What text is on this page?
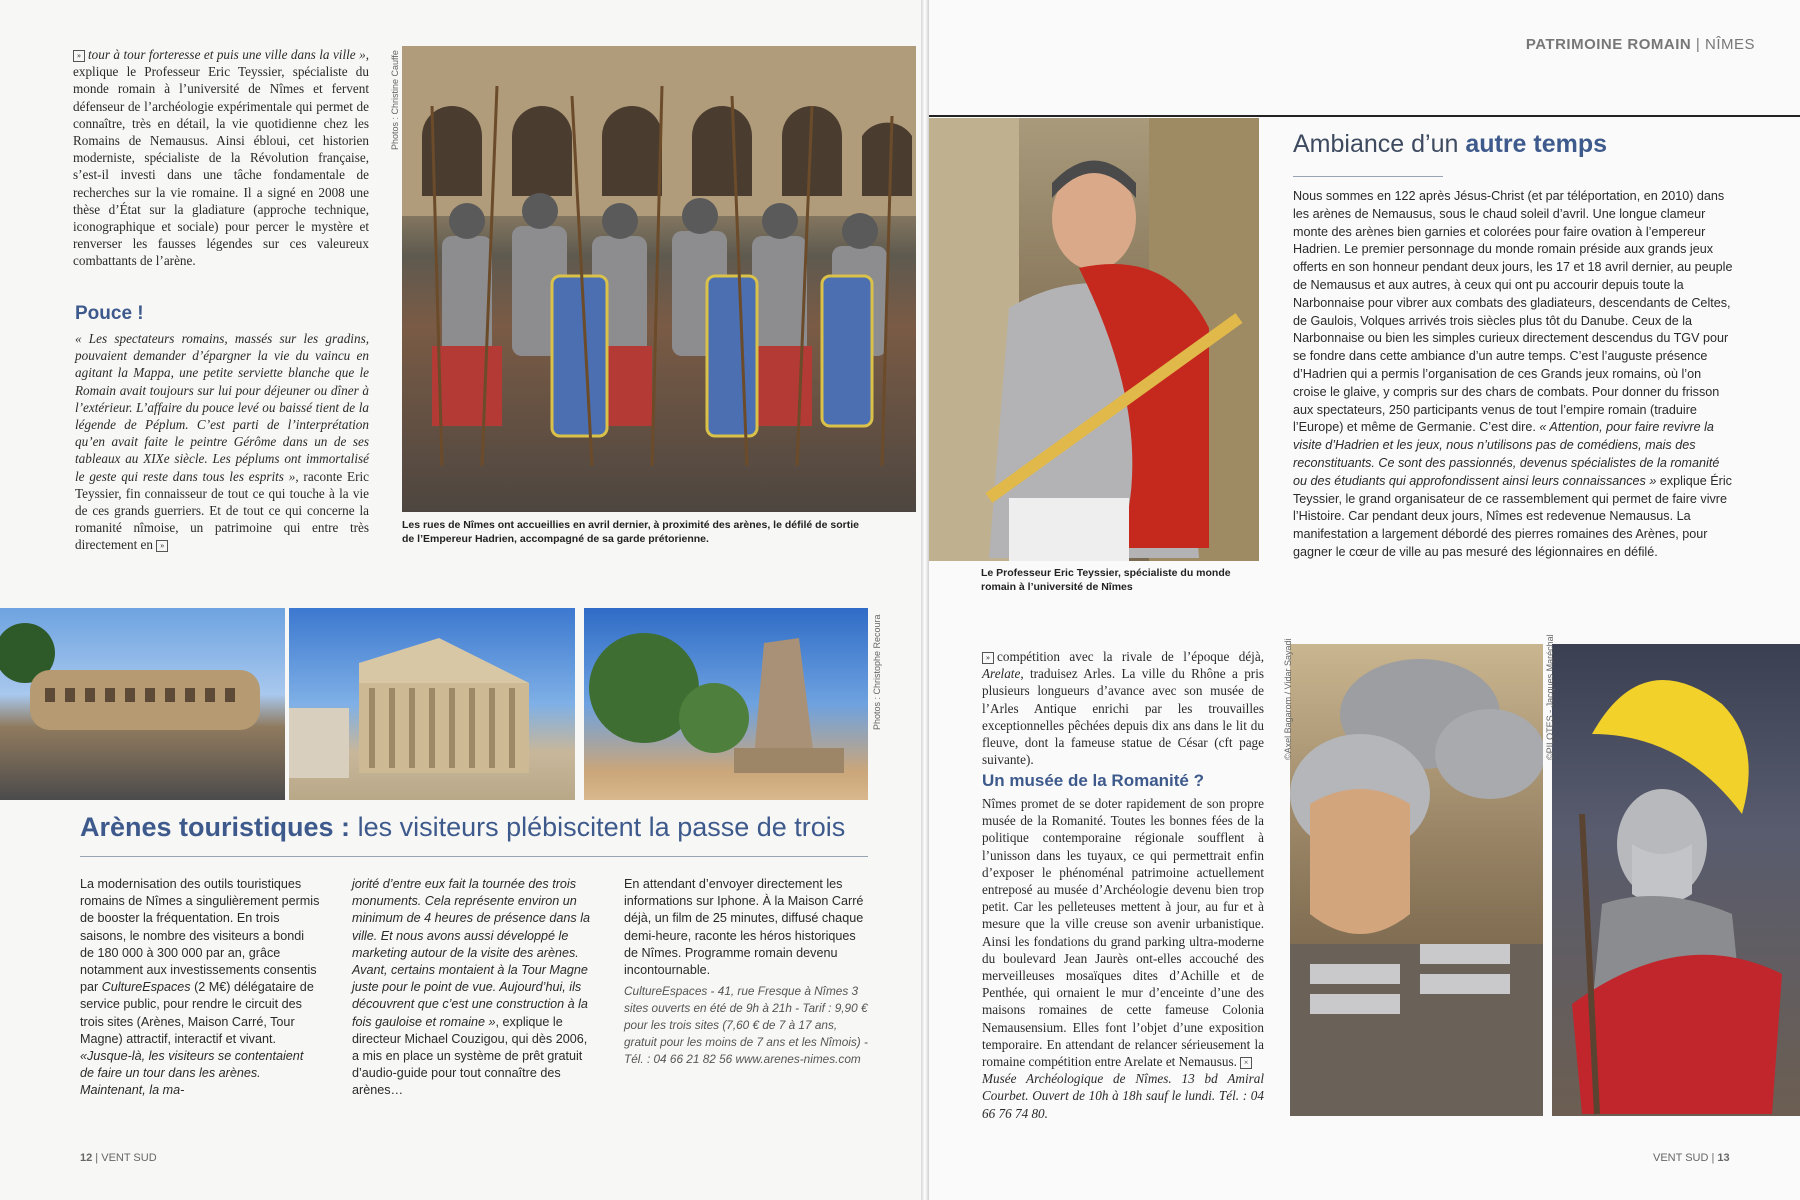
» tour à tour forteresse et puis une ville dans la ville », explique le Professeur Eric Teyssier, spécialiste du monde romain à l’université de Nîmes et fervent défenseur de l’archéologie expérimentale qui permet de connaître, très en détail, la vie quotidienne chez les Romains de Nemausus. Ainsi ébloui, cet historien moderniste, spécialiste de la Révolution française, s’est-il investi dans une tâche fondamentale de recherches sur la vie romaine. Il a signé en 2008 une thèse d’État sur la gladiature (approche technique, iconographique et sociale) pour percer le mystère et renverser les fausses légendes sur ces valeureux combattants de l’arène.
Pouce !
« Les spectateurs romains, massés sur les gradins, pouvaient demander d’épargner la vie du vaincu en agitant la Mappa, une petite serviette blanche que le Romain avait toujours sur lui pour déjeuner ou dîner à l’extérieur. L’affaire du pouce levé ou baissé tient de la légende de Péplum. C’est parti de l’interprétation qu’en avait faite le peintre Gérôme dans un de ses tableaux au XIXe siècle. Les péplums ont immortalisé le geste qui reste dans tous les esprits », raconte Eric Teyssier, fin connaisseur de tout ce qui touche à la vie de ces grands guerriers. Et de tout ce qui concerne la romanité nîmoise, un patrimoine qui entre très directement en »
Photos : Christine Cauffe

Les rues de Nîmes ont accueillies en avril dernier, à proximité des arènes, le défilé de sortie de l’Empereur Hadrien, accompagné de sa garde prétorienne.

Photos : Christophe Recoura
Arènes touristiques : les visiteurs plébiscitent la passe de trois
La modernisation des outils touristiques romains de Nîmes a singulièrement permis de booster la fréquentation. En trois saisons, le nombre des visiteurs a bondi de 180 000 à 300 000 par an, grâce notamment aux investissements consentis par CultureEspaces (2 M€) délégataire de service public, pour rendre le circuit des trois sites (Arènes, Maison Carré, Tour Magne) attractif, interactif et vivant. «Jusque-là, les visiteurs se contentaient de faire un tour dans les arènes. Maintenant, la ma-
jorité d’entre eux fait la tournée des trois monuments. Cela représente environ un minimum de 4 heures de présence dans la ville. Et nous avons aussi développé le marketing autour de la visite des arènes. Avant, certains montaient à la Tour Magne juste pour le point de vue. Aujourd’hui, ils découvrent que c’est une construction à la fois gauloise et romaine », explique le directeur Michael Couzigou, qui dès 2006, a mis en place un système de prêt gratuit d’audio-guide pour tout connaître des arènes…
En attendant d’envoyer directement les informations sur Iphone. À la Maison Carré déjà, un film de 25 minutes, diffusé chaque demi-heure, raconte les héros historiques de Nîmes. Programme romain devenu incontournable.
CultureEspaces - 41, rue Fresque à Nîmes 3 sites ouverts en été de 9h à 21h - Tarif : 9,90 € pour les trois sites (7,60 € de 7 à 17 ans, gratuit pour les moins de 7 ans et les Nîmois) - Tél. : 04 66 21 82 56 www.arenes-nimes.com
12 | VENT SUD
PATRIMOINE ROMAIN | NÎMES

Le Professeur Eric Teyssier, spécialiste du monde romain à l’université de Nîmes

Ambiance d’un autre temps
Nous sommes en 122 après Jésus-Christ (et par téléportation, en 2010) dans les arènes de Nemausus, sous le chaud soleil d’avril. Une longue clameur monte des arènes bien garnies et colorées pour faire ovation à l’empereur Hadrien. Le premier personnage du monde romain préside aux grands jeux offerts en son honneur pendant deux jours, les 17 et 18 avril dernier, au peuple de Nemausus et aux autres, à ceux qui ont pu accourir depuis toute la Narbonnaise pour vibrer aux combats des gladiateurs, descendants de Celtes, de Gaulois, Volques arrivés trois siècles plus tôt du Danube. Ceux de la Narbonnaise ou bien les simples curieux directement descendus du TGV pour se fondre dans cette ambiance d’un autre temps. C’est l’auguste présence d’Hadrien qui a permis l’organisation de ces Grands jeux romains, où l’on croise le glaive, y compris sur des chars de combats. Pour donner du frisson aux spectateurs, 250 participants venus de tout l’empire romain (traduire l’Europe) et même de Germanie. C’est dire. « Attention, pour faire revivre la visite d’Hadrien et les jeux, nous n’utilisons pas de comédiens, mais des reconstituants. Ce sont des passionnés, devenus spécialistes de la romanité ou des étudiants qui approfondissent ainsi leurs connaissances » explique Éric Teyssier, le grand organisateur de ce rassemblement qui permet de faire vivre l’Histoire. Car pendant deux jours, Nîmes est redevenue Nemausus. La manifestation a largement débordé des pierres romaines des Arènes, pour gagner le cœur de ville au pas mesuré des légionnaires en défilé.
» compétition avec la rivale de l’époque déjà, Arelate, traduisez Arles. La ville du Rhône a pris plusieurs longueurs d’avance avec son musée de l’Arles Antique enrichi par les trouvailles exceptionnelles pêchées depuis dix ans dans le lit du fleuve, dont la fameuse statue de César (cft page suivante).
Un musée de la Romanité ?
Nîmes promet de se doter rapidement de son propre musée de la Romanité. Toutes les bonnes fées de la politique contemporaine régionale soufflent à l’unisson dans les tuyaux, ce qui permettrait enfin d’exposer le phénoménal patrimoine actuellement entreposé au musée d’Archéologie devenu bien trop petit. Car les pelleteuses mettent à jour, au fur et à mesure que la ville creuse son avenir urbanistique. Ainsi les fondations du grand parking ultra-moderne du boulevard Jean Jaurès ont-elles accouché des merveilleuses mosaïques dites d’Achille et de Penthée, qui ornaient le mur d’enceinte d’une des maisons romaines de cette fameuse Colonia Nemausensium. Elles font l’objet d’une exposition temporaire. En attendant de relancer sérieusement la romaine compétition entre Arelate et Nemausus. ×
Musée Archéologique de Nîmes. 13 bd Amiral Courbet. Ouvert de 10h à 18h sauf le lundi. Tél. : 04 66 76 74 80.
©Axel Bagarom / Vidar Sayadi	©PILOTES - Jacques Maréchal
VENT SUD | 13
